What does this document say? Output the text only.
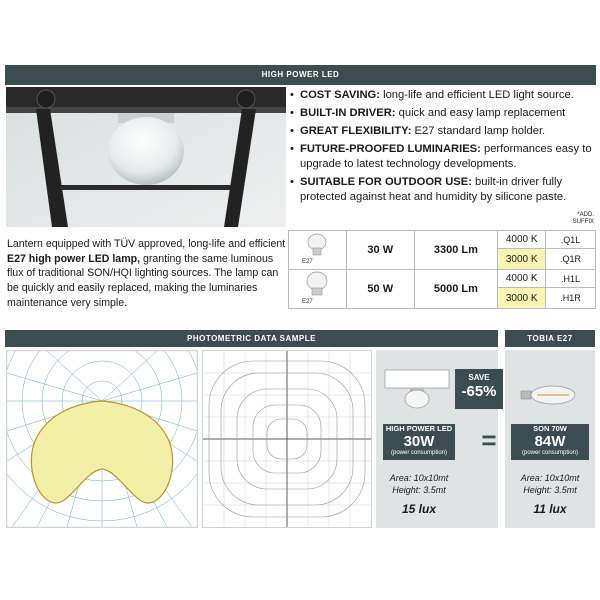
HIGH POWER LED
• COST SAVING: long-life and efficient LED light source.
• BUILT-IN DRIVER: quick and easy lamp replacement
• GREAT FLEXIBILITY: E27 standard lamp holder.
• FUTURE-PROOFED LUMINARIES: performances easy to upgrade to latest technology developments.
• SUITABLE FOR OUTDOOR USE: built-in driver fully protected against heat and humidity by silicone paste.
*ADD.
SUFFIX

Lantern equipped with TÜV approved, long-life and efficient E27 high power LED lamp, granting the same luminous flux of traditional SON/HQI lighting sources. The lamp can be quickly and easily replaced, making the luminaries maintenance very simple.

E27	30 W	3300 Lm	4000 K	.Q1L
			3000 K	.Q1R

E27	50 W	5000 Lm	4000 K	.H1L
			3000 K	.H1R
PHOTOMETRIC DATA SAMPLE	TOBIA E27
HIGH POWER LED
30W
(power consumption)
Area: 10x10mt
Height: 3.5mt
15 lux
SAVE
-65%
=	SON 70W
84W
(power consumption)
Area: 10x10mt
Height: 3.5mt
11 lux
